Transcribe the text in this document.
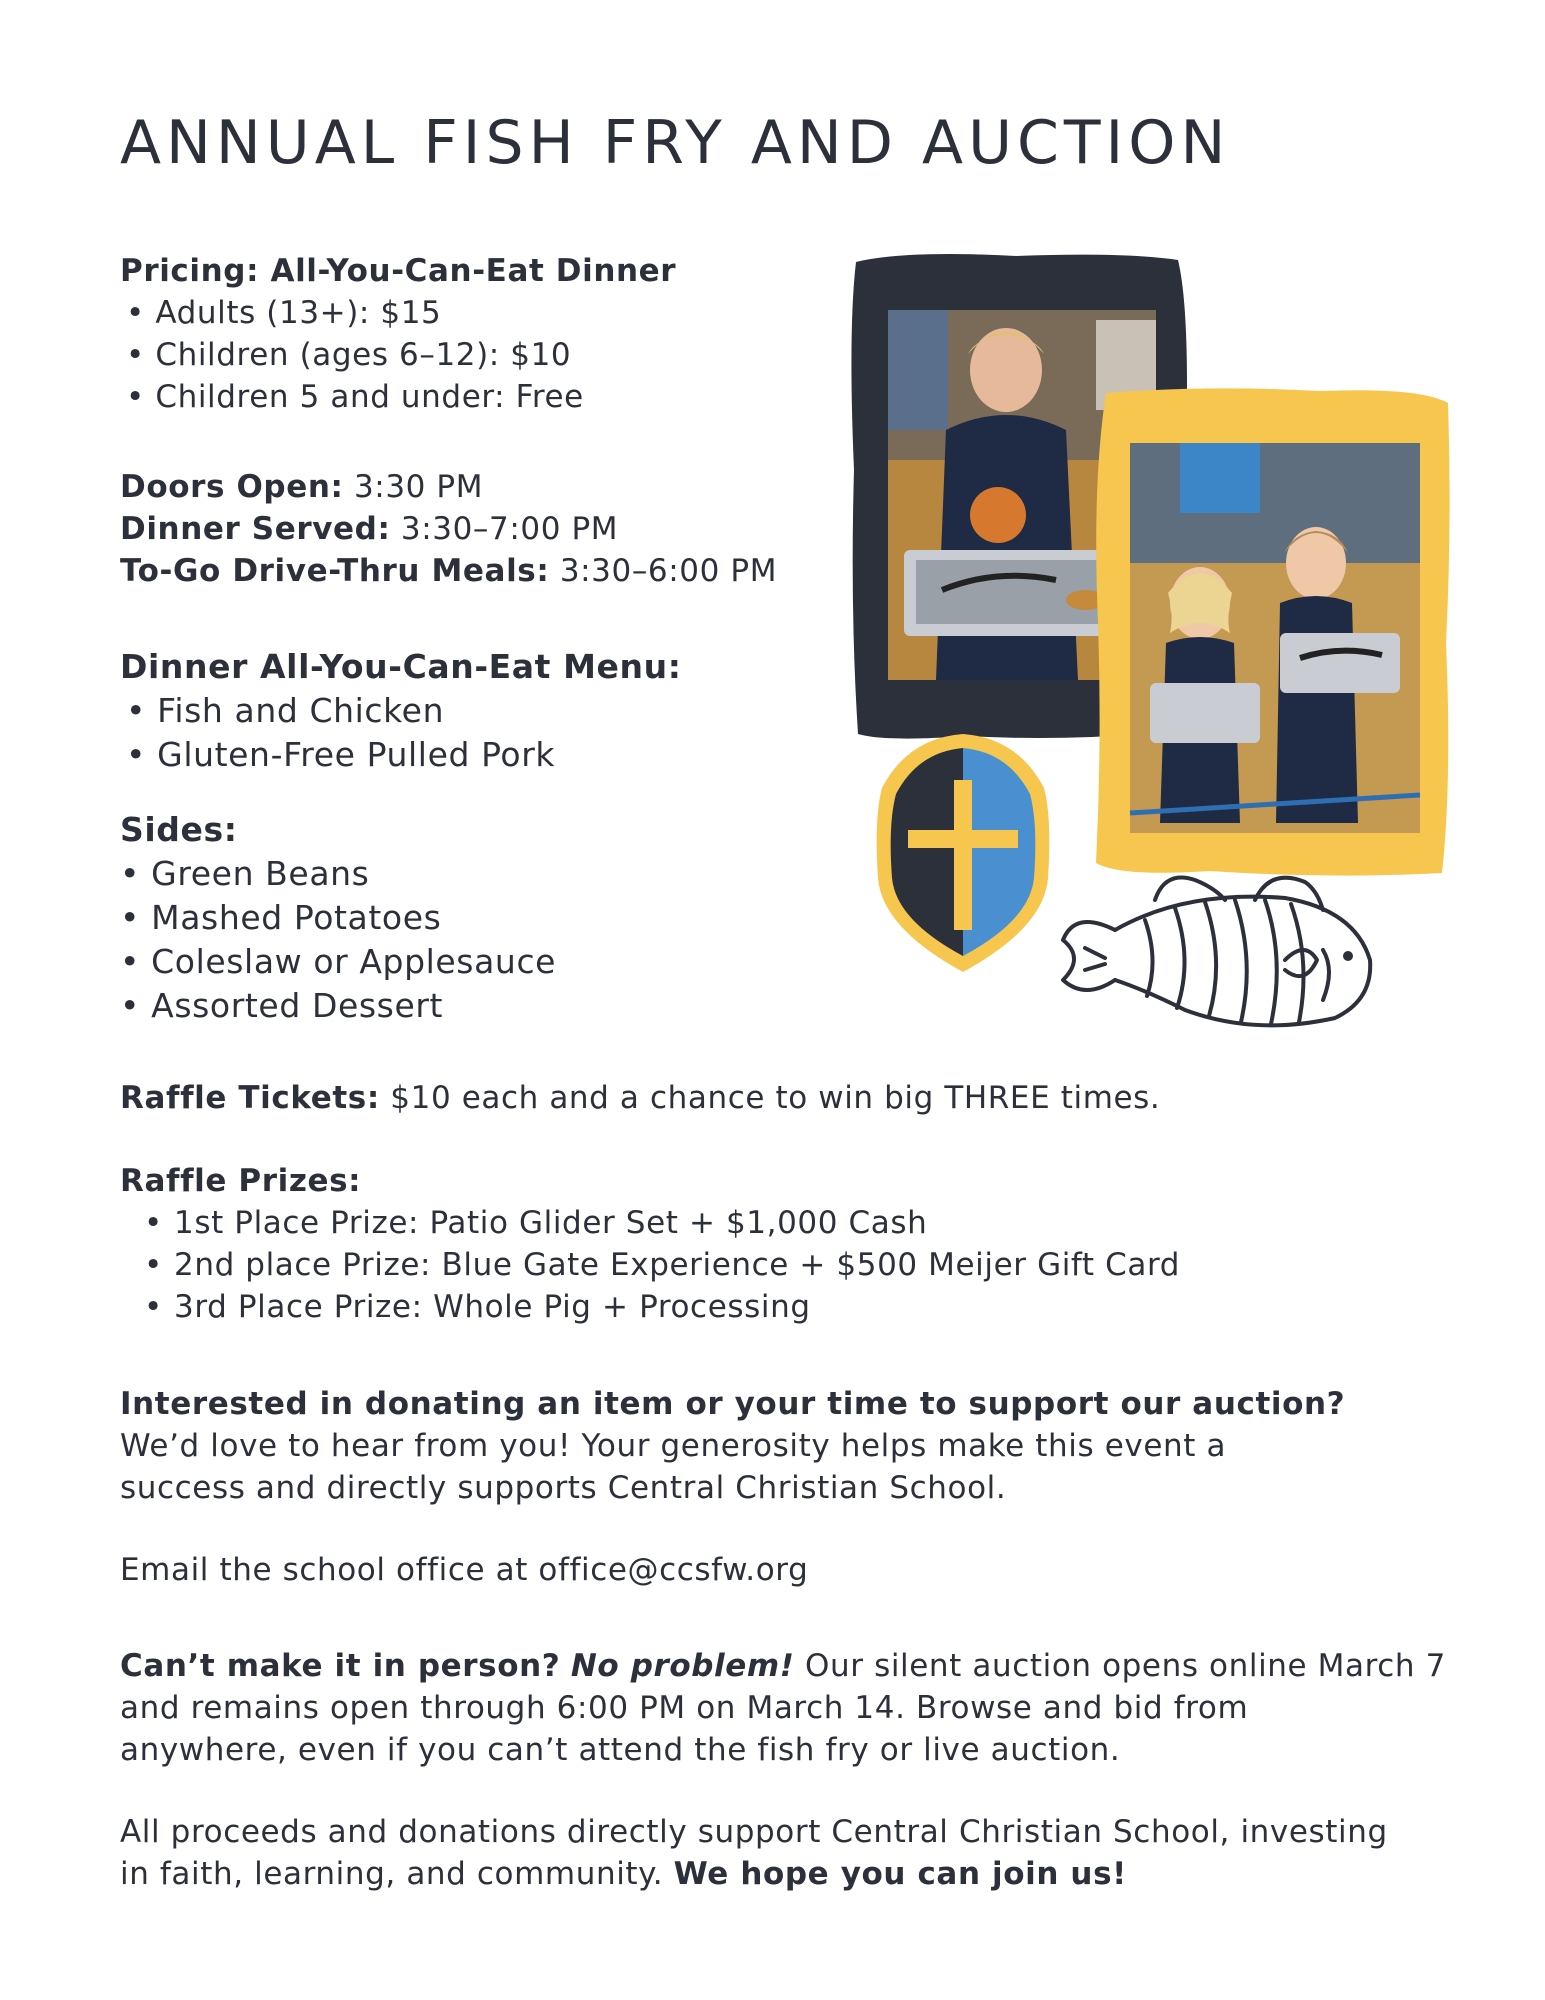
ANNUAL FISH FRY AND AUCTION
Pricing: All-You-Can-Eat Dinner
• Adults (13+): $15
• Children (ages 6–12): $10
• Children 5 and under: Free
Doors Open: 3:30 PM
Dinner Served: 3:30–7:00 PM
To-Go Drive-Thru Meals: 3:30–6:00 PM
Dinner All-You-Can-Eat Menu:
• Fish and Chicken
• Gluten-Free Pulled Pork
Sides:
• Green Beans
• Mashed Potatoes
• Coleslaw or Applesauce
• Assorted Dessert
Raffle Tickets: $10 each and a chance to win big THREE times.
Raffle Prizes:
• 1st Place Prize: Patio Glider Set + $1,000 Cash
• 2nd place Prize: Blue Gate Experience + $500 Meijer Gift Card
• 3rd Place Prize: Whole Pig + Processing
Interested in donating an item or your time to support our auction?
We’d love to hear from you! Your generosity helps make this event a
success and directly supports Central Christian School.
Email the school office at office@ccsfw.org
Can’t make it in person? No problem! Our silent auction opens online March 7
and remains open through 6:00 PM on March 14. Browse and bid from
anywhere, even if you can’t attend the fish fry or live auction.
All proceeds and donations directly support Central Christian School, investing
in faith, learning, and community. We hope you can join us!
